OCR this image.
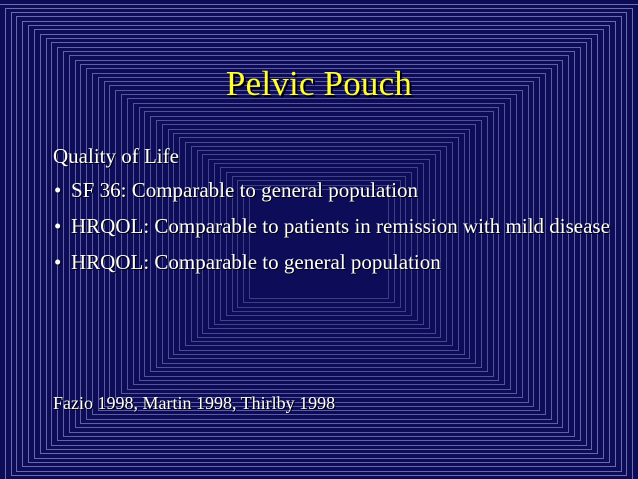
Pelvic Pouch
Quality of Life
• SF 36: Comparable to general population
• HRQOL: Comparable to patients in remission with mild disease
• HRQOL: Comparable to general population
Fazio 1998, Martin 1998, Thirlby 1998
